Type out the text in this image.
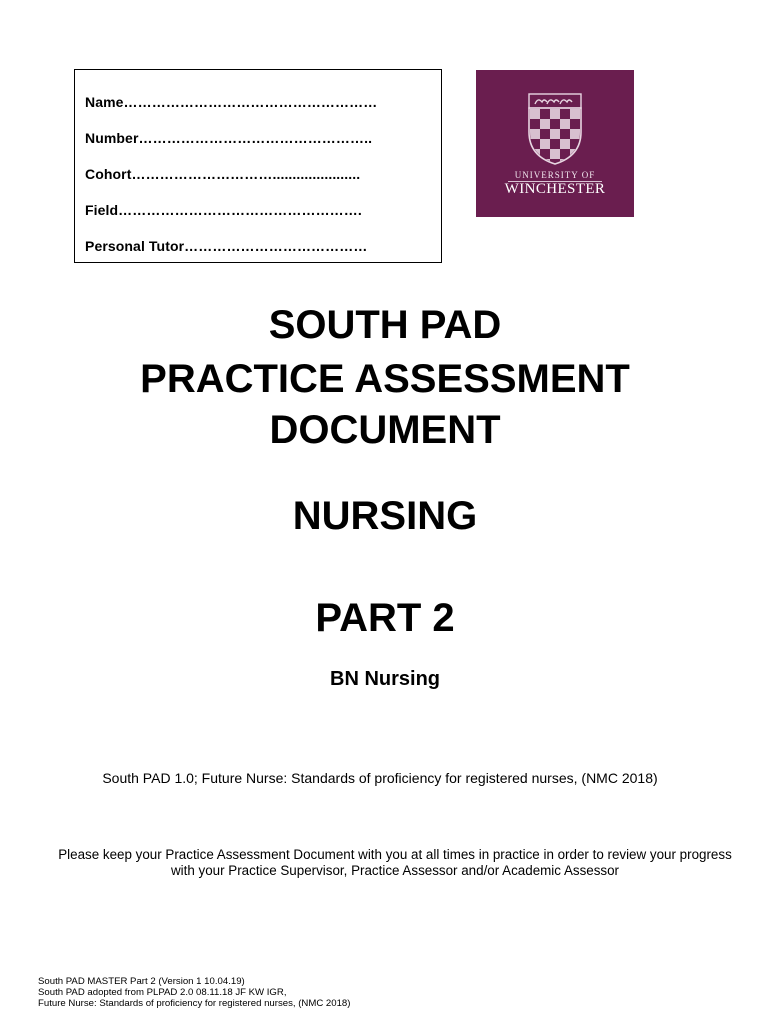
Name………………………………………………
Number…………………………………………..
Cohort…………………………......................
Field…………………………………………….
Personal Tutor…………………………………
UNIVERSITY OF
WINCHESTER
SOUTH PAD
PRACTICE ASSESSMENT
DOCUMENT
NURSING
PART 2
BN Nursing
South PAD 1.0; Future Nurse: Standards of proficiency for registered nurses, (NMC 2018)
Please keep your Practice Assessment Document with you at all times in practice in order to review your progress with your Practice Supervisor, Practice Assessor and/or Academic Assessor
South PAD MASTER Part 2 (Version 1 10.04.19)
South PAD adopted from PLPAD 2.0 08.11.18 JF KW IGR,
Future Nurse: Standards of proficiency for registered nurses, (NMC 2018)
